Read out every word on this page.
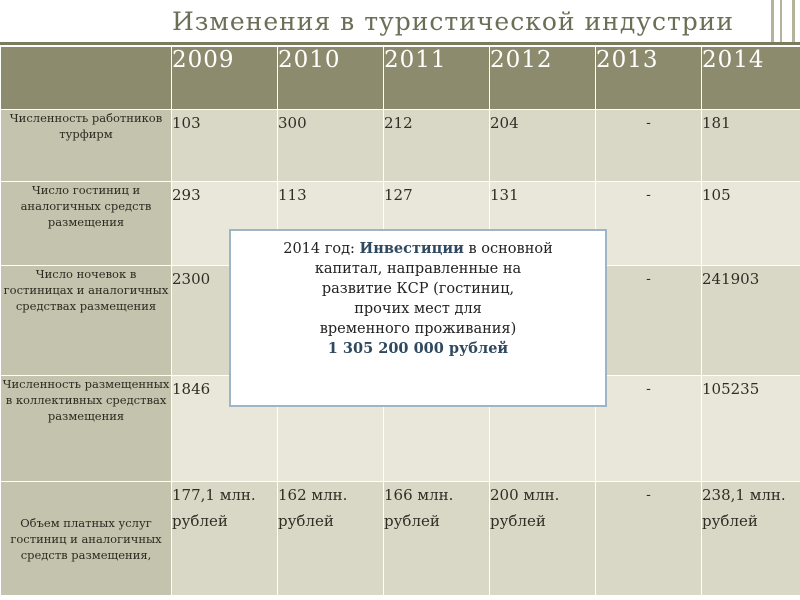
Изменения в туристической индустрии
	2009	2010	2011	2012	2013	2014
Численность работников турфирм	103	300	212	204	-	181
Число гостиниц и аналогичных средств размещения	293	113	127	131	-	105
Число ночевок в гостиницах и аналогичных средствах размещения	2300				-	241903
Численность размещенных в коллективных средствах размещения	1846				-	105235
Объем платных услуг гостиниц и аналогичных средств размещения,	177,1 млн. рублей	162 млн. рублей	166 млн. рублей	200 млн. рублей	-	238,1 млн. рублей
2014 год: Инвестиции в основной
капитал, направленные на
развитие КСР (гостиниц,
прочих мест для
временного проживания)
1 305 200 000 рублей
